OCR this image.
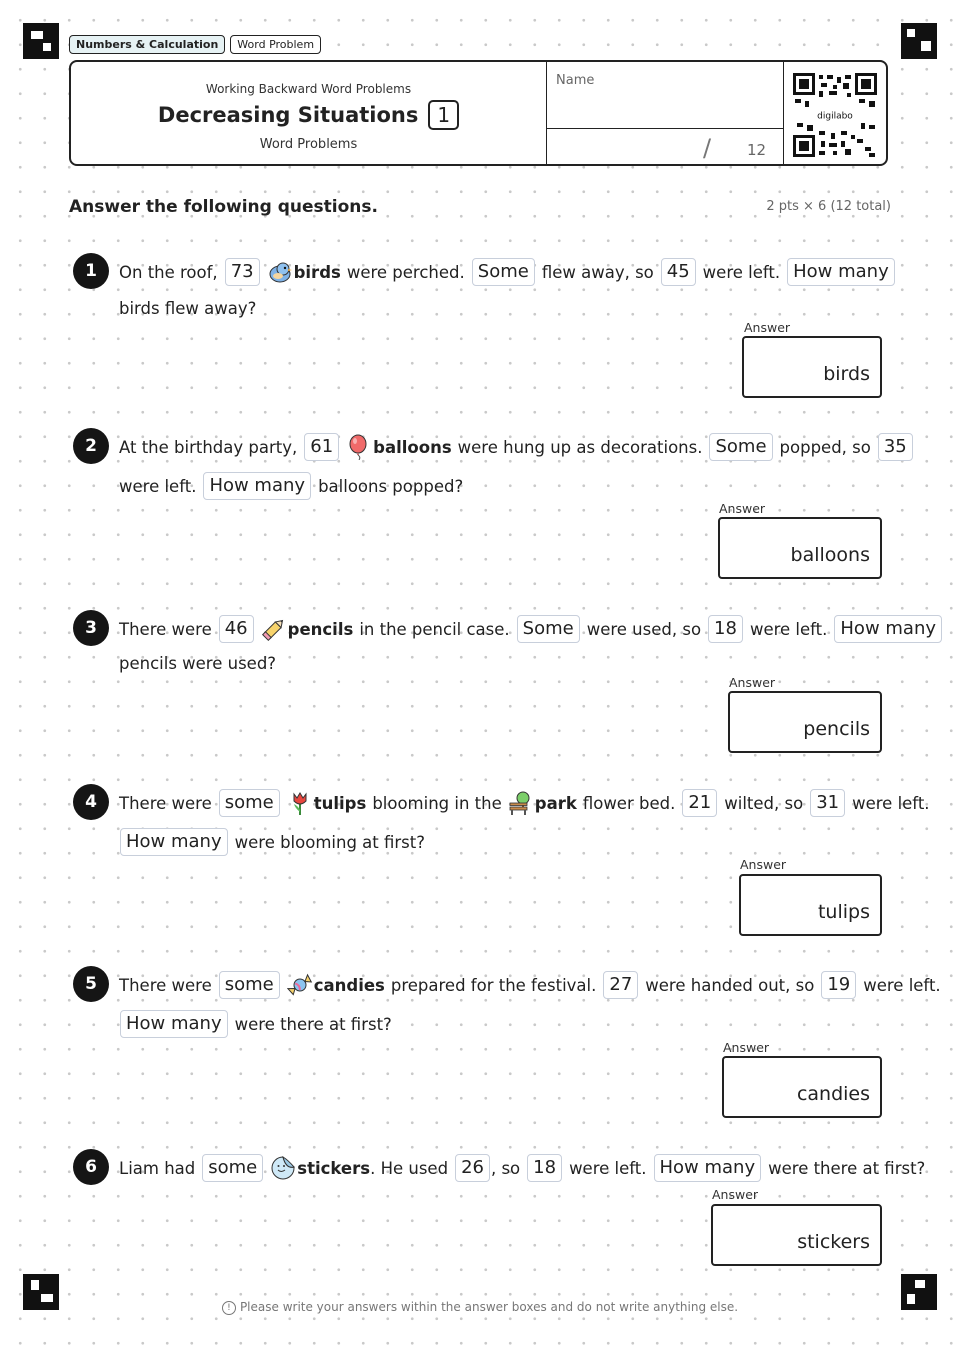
Numbers & Calculation	Word Problem
Working Backward Word Problems
Decreasing Situations 1
Word Problems
Name
/ 12
digilabo
Answer the following questions.	2 pts × 6 (12 total)
1	On the roof, 73	birds were perched. Some flew away, so 45 were left. How many
birds flew away?
Answer
birds
2	At the birthday party, 61	balloons were hung up as decorations. Some popped, so 35
were left. How many balloons popped?
Answer
balloons
3	There were 46	pencils in the pencil case. Some were used, so 18 were left. How many
pencils were used?
Answer
pencils
4	There were some	tulips blooming in the park flower bed. 21 wilted, so 31 were left.
How many were blooming at first?
Answer
tulips
5	There were some	candies prepared for the festival. 27 were handed out, so 19 were left.
How many were there at first?
Answer
candies
6	Liam had some	stickers . He used 26 , so 18 were left. How many were there at first?
Answer
stickers
! Please write your answers within the answer boxes and do not write anything else.
